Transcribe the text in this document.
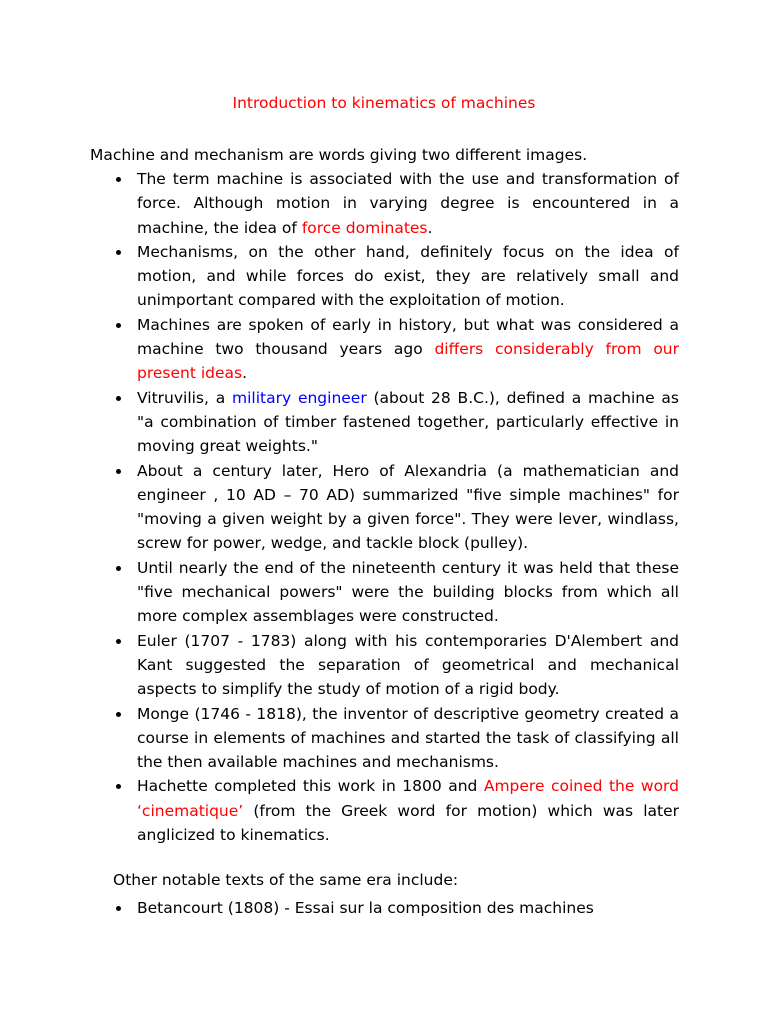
Introduction to kinematics of machines

Machine and mechanism are words giving two different images.

The term machine is associated with the use and transformation of force. Although motion in varying degree is encountered in a machine, the idea of force dominates.
Mechanisms, on the other hand, definitely focus on the idea of motion, and while forces do exist, they are relatively small and unimportant compared with the exploitation of motion.
Machines are spoken of early in history, but what was considered a machine two thousand years ago differs considerably from our present ideas.
Vitruvilis, a military engineer (about 28 B.C.), defined a machine as "a combination of timber fastened together, particularly effective in moving great weights."
About a century later, Hero of Alexandria (a mathematician and engineer , 10 AD – 70 AD) summarized "five simple machines" for "moving a given weight by a given force". They were lever, windlass, screw for power, wedge, and tackle block (pulley).
Until nearly the end of the nineteenth century it was held that these "five mechanical powers" were the building blocks from which all more complex assemblages were constructed.
Euler (1707 - 1783) along with his contemporaries D'Alembert and Kant suggested the separation of geometrical and mechanical aspects to simplify the study of motion of a rigid body.
Monge (1746 - 1818), the inventor of descriptive geometry created a course in elements of machines and started the task of classifying all the then available machines and mechanisms.
Hachette completed this work in 1800 and Ampere coined the word ‘cinematique’ (from the Greek word for motion) which was later anglicized to kinematics.

Other notable texts of the same era include:

Betancourt (1808) - Essai sur la composition des machines
